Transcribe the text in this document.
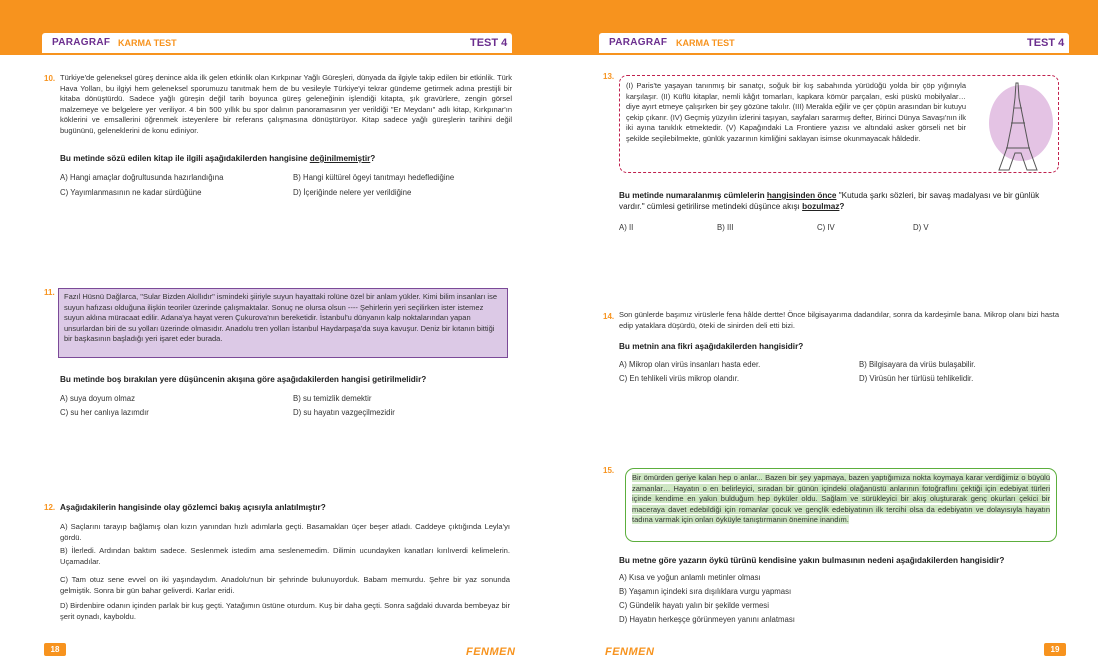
PARAGRAF KARMA TEST	TEST 4
10. Türkiye'de geleneksel güreş denince akla ilk gelen etkinlik olan Kırkpınar Yağlı Güreşleri, dünyada da ilgiyle takip edilen bir etkinlik. Türk Hava Yolları, bu ilgiyi hem geleneksel sporumuzu tanıtmak hem de bu vesileyle Türkiye'yi tekrar gündeme getirmek adına prestijli bir kitaba dönüştürdü. Sadece yağlı güreşin değil tarih boyunca güreş geleneğinin işlendiği kitapta, şık gravürlere, zengin görsel malzemeye ve belgelere yer veriliyor. 4 bin 500 yıllık bu spor dalının panoramasının yer verildiği "Er Meydanı" adlı kitap, Kırkpınar'ın köklerini ve emsallerini öğrenmek isteyenlere bir referans çalışmasına dönüştürüyor. Kitap sadece yağlı güreşlerin tarihini değil bugününü, geleneklerini de konu ediniyor.
Bu metinde sözü edilen kitap ile ilgili aşağıdakilerden hangisine değinilmemiştir?
A) Hangi amaçlar doğrultusunda hazırlandığına	B) Hangi kültürel ögeyi tanıtmayı hedeflediğine
C) Yayımlanmasının ne kadar sürdüğüne	D) İçeriğinde nelere yer verildiğine
11.	Fazıl Hüsnü Dağlarca, "Sular Bizden Akıllıdır" ismindeki şiiriyle suyun hayattaki rolüne özel bir anlam yükler. Kimi bilim insanları ise suyun hafızası olduğuna ilişkin teoriler üzerinde çalışmaktalar. Sonuç ne olursa olsun ---- Şehirlerin yeri seçilirken ister istemez suyun aklına müracaat edilir. Adana'ya hayat veren Çukurova'nın bereketidir. İstanbul'u dünyanın kalp noktalarından yapan unsurlardan biri de su yolları üzerinde olmasıdır. Anadolu tren yolları İstanbul Haydarpaşa'da suya kavuşur. Deniz bir kıtanın bittiği bir başkasının başladığı yeri işaret eder burada.
Bu metinde boş bırakılan yere düşüncenin akışına göre aşağıdakilerden hangisi getirilmelidir?
A) suya doyum olmaz	B) su temizlik demektir
C) su her canlıya lazımdır	D) su hayatın vazgeçilmezidir
12. Aşağıdakilerin hangisinde olay gözlemci bakış açısıyla anlatılmıştır?
A) Saçlarını tarayıp bağlamış olan kızın yanından hızlı adımlarla geçti. Basamakları üçer beşer atladı. Caddeye çıktığında Leyla'yı gördü.
B) İlerledi. Ardından baktım sadece. Seslenmek istedim ama seslenemedim. Dilimin ucundayken kanatları kırılıverdi kelimelerin. Uçamadılar.
C) Tam otuz sene evvel on iki yaşındaydım. Anadolu'nun bir şehrinde bulunuyorduk. Babam memurdu. Şehre bir yaz sonunda gelmiştik. Sonra bir gün bahar geliverdi. Karlar eridi.
D) Birdenbire odanın içinden parlak bir kuş geçti. Yatağımın üstüne oturdum. Kuş bir daha geçti. Sonra sağdaki duvarda bembeyaz bir şerit oynadı, kayboldu.
18	FENMEN
PARAGRAF KARMA TEST	TEST 4
13.
(I) Paris'te yaşayan tanınmış bir sanatçı, soğuk bir kış sabahında yürüdüğü yolda bir çöp yığınıyla karşılaşır. (II) Küflü kitaplar, nemli kâğıt tomarları, kapkara kömür parçaları, eski püskü mobilyalar… diye ayırt etmeye çalışırken bir şey gözüne takılır. (III) Merakla eğilir ve çer çöpün arasından bir kutuyu çekip çıkarır. (IV) Geçmiş yüzyılın izlerini taşıyan, sayfaları sararmış defter, Birinci Dünya Savaşı'nın ilk iki ayına tanıklık etmektedir. (V) Kapağındaki La Frontiere yazısı ve altındaki asker görseli net bir şekilde seçilebilmekte, günlük yazarının kimliğini saklayan isimse okunmayacak hâldedir.
Bu metinde numaralanmış cümlelerin hangisinden önce "Kutuda şarkı sözleri, bir savaş madalyası ve bir günlük vardır." cümlesi getirilirse metindeki düşünce akışı bozulmaz?
A) II	B) III	C) IV	D) V
14. Son günlerde başımız virüslerle fena hâlde dertte! Önce bilgisayarıma dadandılar, sonra da kardeşimle bana. Mikrop olanı bizi hasta edip yataklara düşürdü, öteki de sinirden deli etti bizi.
Bu metnin ana fikri aşağıdakilerden hangisidir?
A) Mikrop olan virüs insanları hasta eder.	B) Bilgisayara da virüs bulaşabilir.
C) En tehlikeli virüs mikrop olandır.	D) Virüsün her türlüsü tehlikelidir.
15.
Bir ömürden geriye kalan hep o anlar... Bazen bir şey yapmaya, bazen yaptığımıza nokta koymaya karar verdiğimiz o büyülü zamanlar… Hayatın o en belirleyici, sıradan bir günün içindeki olağanüstü anlarının fotoğraflını çektiği için edebiyat türleri içinde kendime en yakın bulduğum hep öyküler oldu. Sağlam ve sürükleyici bir akış oluşturarak genç okurları çekici bir maceraya davet edebildiği için romanlar çocuk ve gençlik edebiyatının ilk tercihi olsa da edebiyatın ve dolayısıyla hayatın tadına varmak için onları öyküyle tanıştırmanın önemine inandım.
Bu metne göre yazarın öykü türünü kendisine yakın bulmasının nedeni aşağıdakilerden hangisidir?
A) Kısa ve yoğun anlamlı metinler olması
B) Yaşamın içindeki sıra dışılıklara vurgu yapması
C) Gündelik hayatı yalın bir şekilde vermesi
D) Hayatın herkeşçe görünmeyen yanını anlatması
FENMEN	19
